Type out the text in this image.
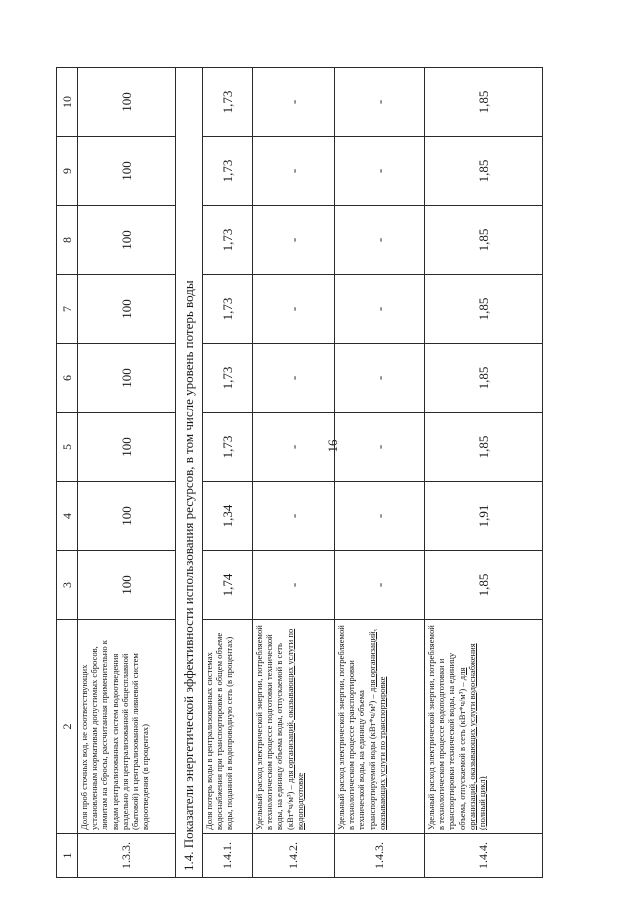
16
1	2	3	4	5	6	7	8	9	10
1.3.3.	Доля проб сточных вод, не соответствующих установленным нормативам допустимых сбросов, лимитам на сбросы, рассчитанная применительно к видам централизованных систем водоотведения раздельно для централизованной общесплавной (бытовой) и централизованной ливневой систем водоотведения (в процентах)	100	100	100	100	100	100	100	100
1.4. Показатели энергетической эффективности использования ресурсов, в том числе уровень потерь воды									
1.4.1.	Доля потерь воды в централизованных системах водоснабжения при транспортировке в общем объеме воды, поданной в водопроводную сеть (в процентах)	1,74	1,34	1,73	1,73	1,73	1,73	1,73	1,73
1.4.2.	Удельный расход электрической энергии, потребляемой в технологическом процессе подготовки технической воды, на единицу объема воды, отпускаемой в сеть (кВт*ч/м³) – для организаций, оказывающих услуги по водоподготовке	-	-	-	-	-	-	-	-
1.4.3.	Удельный расход электрической энергии, потребляемой в технологическом процессе транспортировки технической воды, на единицу объема транспортируемой воды (кВт*ч/м³) – для организаций, оказывающих услуги по транспортировке	-	-	-	-	-	-	-	-
1.4.4.	Удельный расход электрической энергии, потребляемой в технологическом процессе водоподготовки и транспортировки технической воды, на единицу объема, отпускаемой в сеть (кВт*ч/м³) – для организаций, оказывающих услуги водоснабжения (полный цикл)	1,85	1,91	1,85	1,85	1,85	1,85	1,85	1,85
